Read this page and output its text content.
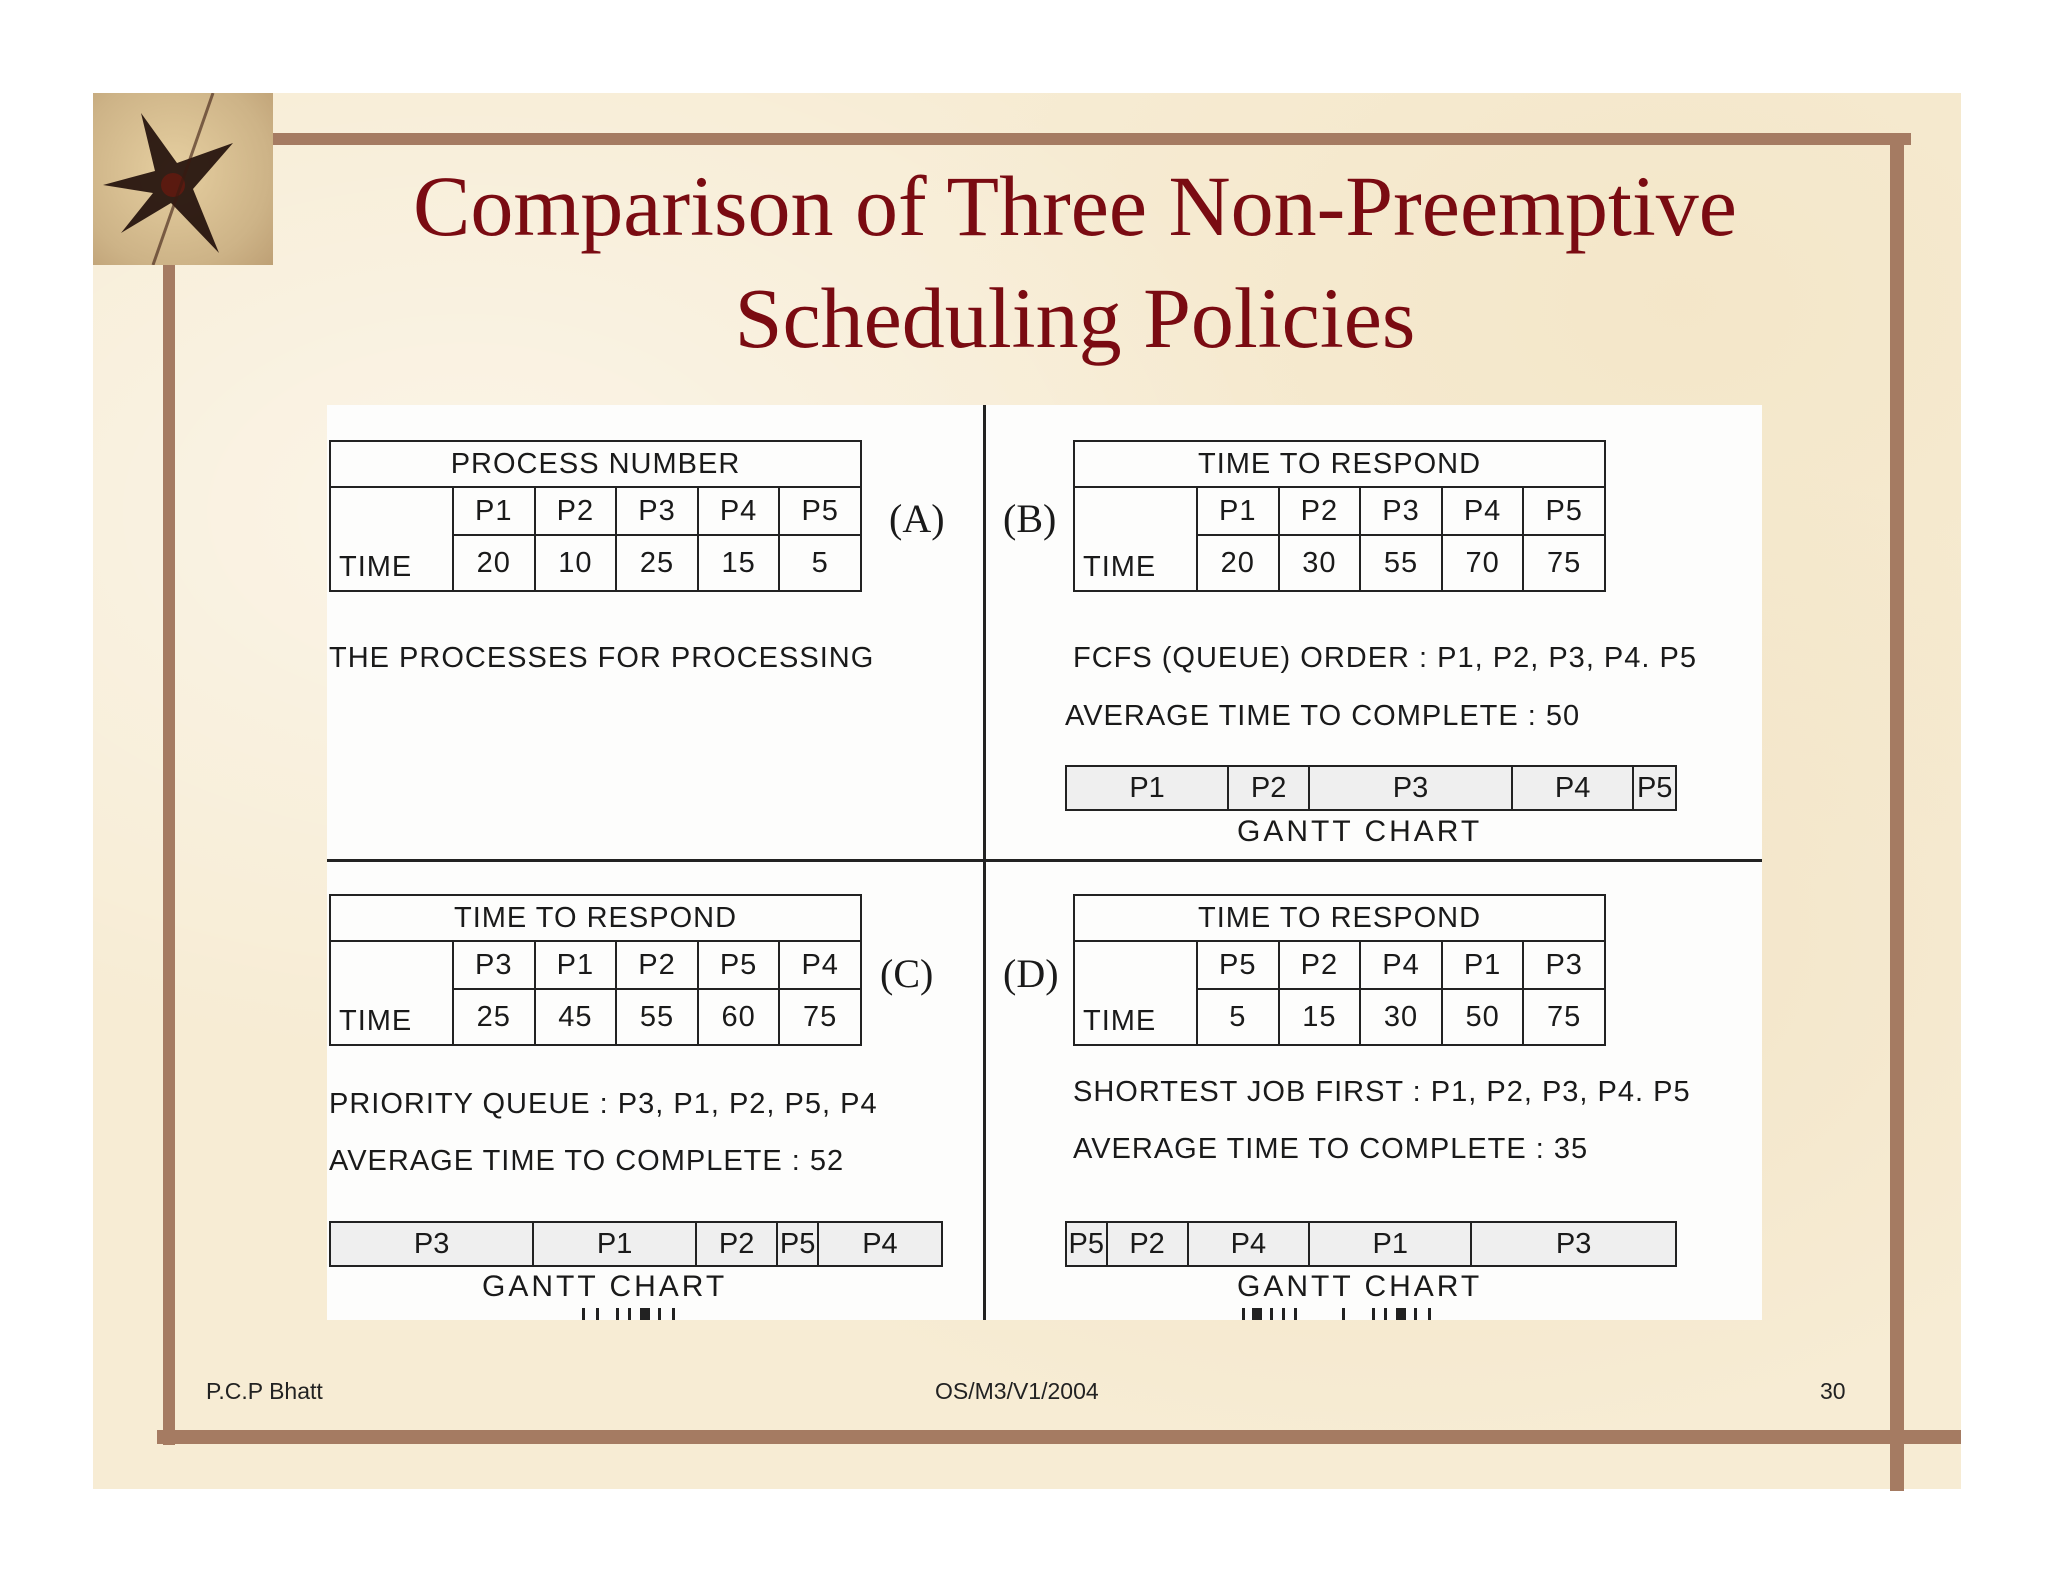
Comparison of Three Non-Preemptive
Scheduling Policies
PROCESS NUMBER					
TIME	P1	P2	P3	P4	P5
	20	10	25	15	5
(A)
THE PROCESSES FOR PROCESSING
(B)
TIME TO RESPOND					
TIME	P1	P2	P3	P4	P5
	20	30	55	70	75
FCFS (QUEUE) ORDER : P1, P2, P3, P4. P5
AVERAGE TIME TO COMPLETE : 50
P1	P2	P3	P4	P5
GANTT CHART
TIME TO RESPOND					
TIME	P3	P1	P2	P5	P4
	25	45	55	60	75
(C)
PRIORITY QUEUE : P3, P1, P2, P5, P4
AVERAGE TIME TO COMPLETE : 52
P3	P1	P2 P5	P4
GANTT CHART
(D)
TIME TO RESPOND					
TIME	P5	P2	P4	P1	P3
	5	15	30	50	75
SHORTEST JOB FIRST : P1, P2, P3, P4. P5
AVERAGE TIME TO COMPLETE : 35
P5 P2	P4	P1	P3
GANTT CHART
P.C.P Bhatt	OS/M3/V1/2004	30
